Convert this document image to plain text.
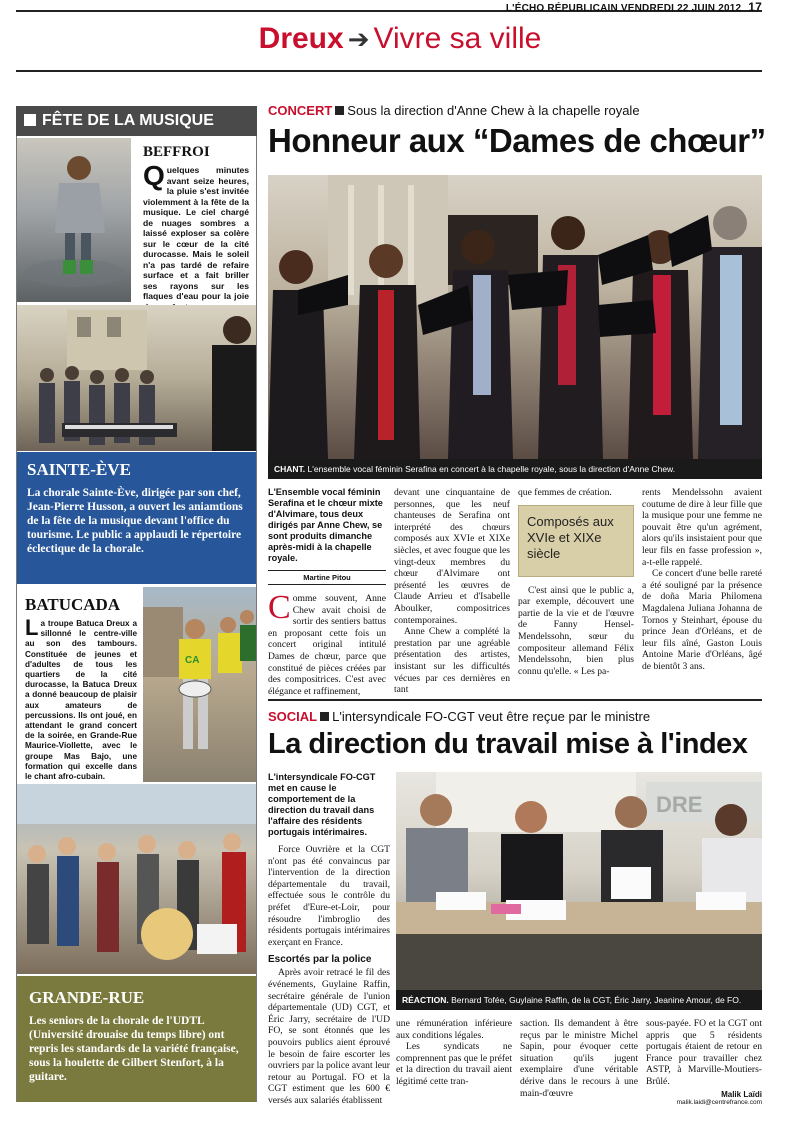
L'ÉCHO RÉPUBLICAIN VENDREDI 22 JUIN 2012 17
Dreux ➔ Vivre sa ville
FÊTE DE LA MUSIQUE
BEFFROI
Quelques minutes avant seize heures, la pluie s'est invitée violemment à la fête de la musique. Le ciel chargé de nuages sombres a laissé exploser sa colère sur le cœur de la cité durocasse. Mais le soleil n'a pas tardé de refaire surface et a fait briller ses rayons sur les flaques d'eau pour la joie
SAINTE-ÈVE
La chorale Sainte-Ève, dirigée par son chef, Jean-Pierre Husson, a ouvert les aniamtions de la fête de la musique devant l'office du tourisme. Le public a applaudi le répertoire éclectique de la chorale.
BATUCADA
La troupe Batuca Dreux a sillonné le centre-ville au son des tambours. Constituée de jeunes et d'adultes de tous les quartiers de la cité durocasse, la Batuca Dreux a donné beaucoup de plaisir aux amateurs de percussions. Ils ont joué, en attendant le grand concert de la soirée, en Grande-Rue Maurice-Viollette, avec le groupe Mas Bajo, une formation qui excelle dans le chant afro-cubain.
CA
GRANDE-RUE
Les seniors de la chorale de l'UDTL (Université drouaise du temps libre) ont repris les standards de la variété française, sous la houlette de Gilbert Stenfort, à la guitare.
CONCERT Sous la direction d'Anne Chew à la chapelle royale
Honneur aux “Dames de chœur”
CHANT. L'ensemble vocal féminin Serafina en concert à la chapelle royale, sous la direction d'Anne Chew.
L'Ensemble vocal féminin Serafina et le chœur mixte d'Alvimare, tous deux dirigés par Anne Chew, se sont produits dimanche après-midi à la chapelle royale.
Martine Pitou
Comme souvent, Anne Chew avait choisi de sortir des sentiers battus en proposant cette fois un concert original intitulé Dames de chœur, parce que constitué de pièces créées par des compositrices. C'est avec élégance et raffinement,
devant une cinquantaine de personnes, que les neuf chanteuses de Serafina ont interprété des chœurs composés aux XVIe et XIXe siècles, et avec fougue que les vingt-deux membres du chœur d'Alvimare ont présenté les œuvres de Claude Arrieu et d'Isabelle Aboulker, compositrices contemporaines.
Anne Chew a complété la prestation par une agréable présentation des artistes, insistant sur les difficultés vécues par ces dernières en tant
que femmes de création.
Composés aux XVIe et XIXe siècle
C'est ainsi que le public a, par exemple, découvert une partie de la vie et de l'œuvre de Fanny Hensel-Mendelssohn, sœur du compositeur allemand Félix Mendelssohn, bien plus connu qu'elle. « Les pa-
rents Mendelssohn avaient coutume de dire à leur fille que la musique pour une femme ne pouvait être qu'un agrément, alors qu'ils insistaient pour que leur fils en fasse profession », a-t-elle rappelé.
Ce concert d'une belle rareté a été souligné par la présence de doña Maria Philomena Magdalena Juliana Johanna de Tornos y Steinhart, épouse du prince Jean d'Orléans, et de leur fils aîné, Gaston Louis Antoine Marie d'Orléans, âgé de bientôt 3 ans.
SOCIAL L'intersyndicale FO-CGT veut être reçue par le ministre
La direction du travail mise à l'index
L'intersyndicale FO-CGT met en cause le comportement de la direction du travail dans l'affaire des résidents portugais intérimaires.
Force Ouvrière et la CGT n'ont pas été convaincus par l'intervention de la direction départementale du travail, effectuée sous le contrôle du préfet d'Eure-et-Loir, pour résoudre l'imbroglio des résidents portugais intérimaires exerçant en France.
Escortés par la police
Après avoir retracé le fil des événements, Guylaine Raffin, secrétaire générale de l'union départementale (UD) CGT, et Éric Jarry, secrétaire de l'UD FO, se sont étonnés que les pouvoirs publics aient éprouvé le besoin de faire escorter les ouvriers par la police avant leur retour au Portugal. FO et la CGT estiment que les 600 € versés aux salariés établissent
DRE
RÉACTION. Bernard Tofée, Guylaine Raffin, de la CGT, Éric Jarry, Jeanine Amour, de FO.
une rémunération inférieure aux conditions légales.
Les syndicats ne comprennent pas que le préfet et la direction du travail aient légitimé cette tran-
saction. Ils demandent à être reçus par le ministre Michel Sapin, pour évoquer cette situation qu'ils jugent exemplaire d'une véritable dérive dans le recours à une main-d'œuvre
sous-payée. FO et la CGT ont appris que 5 résidents portugais étaient de retour en France pour travailler chez ASTP, à Marville-Moutiers-Brûlé.
Malik Laïdi
malik.laidi@centrefrance.com
